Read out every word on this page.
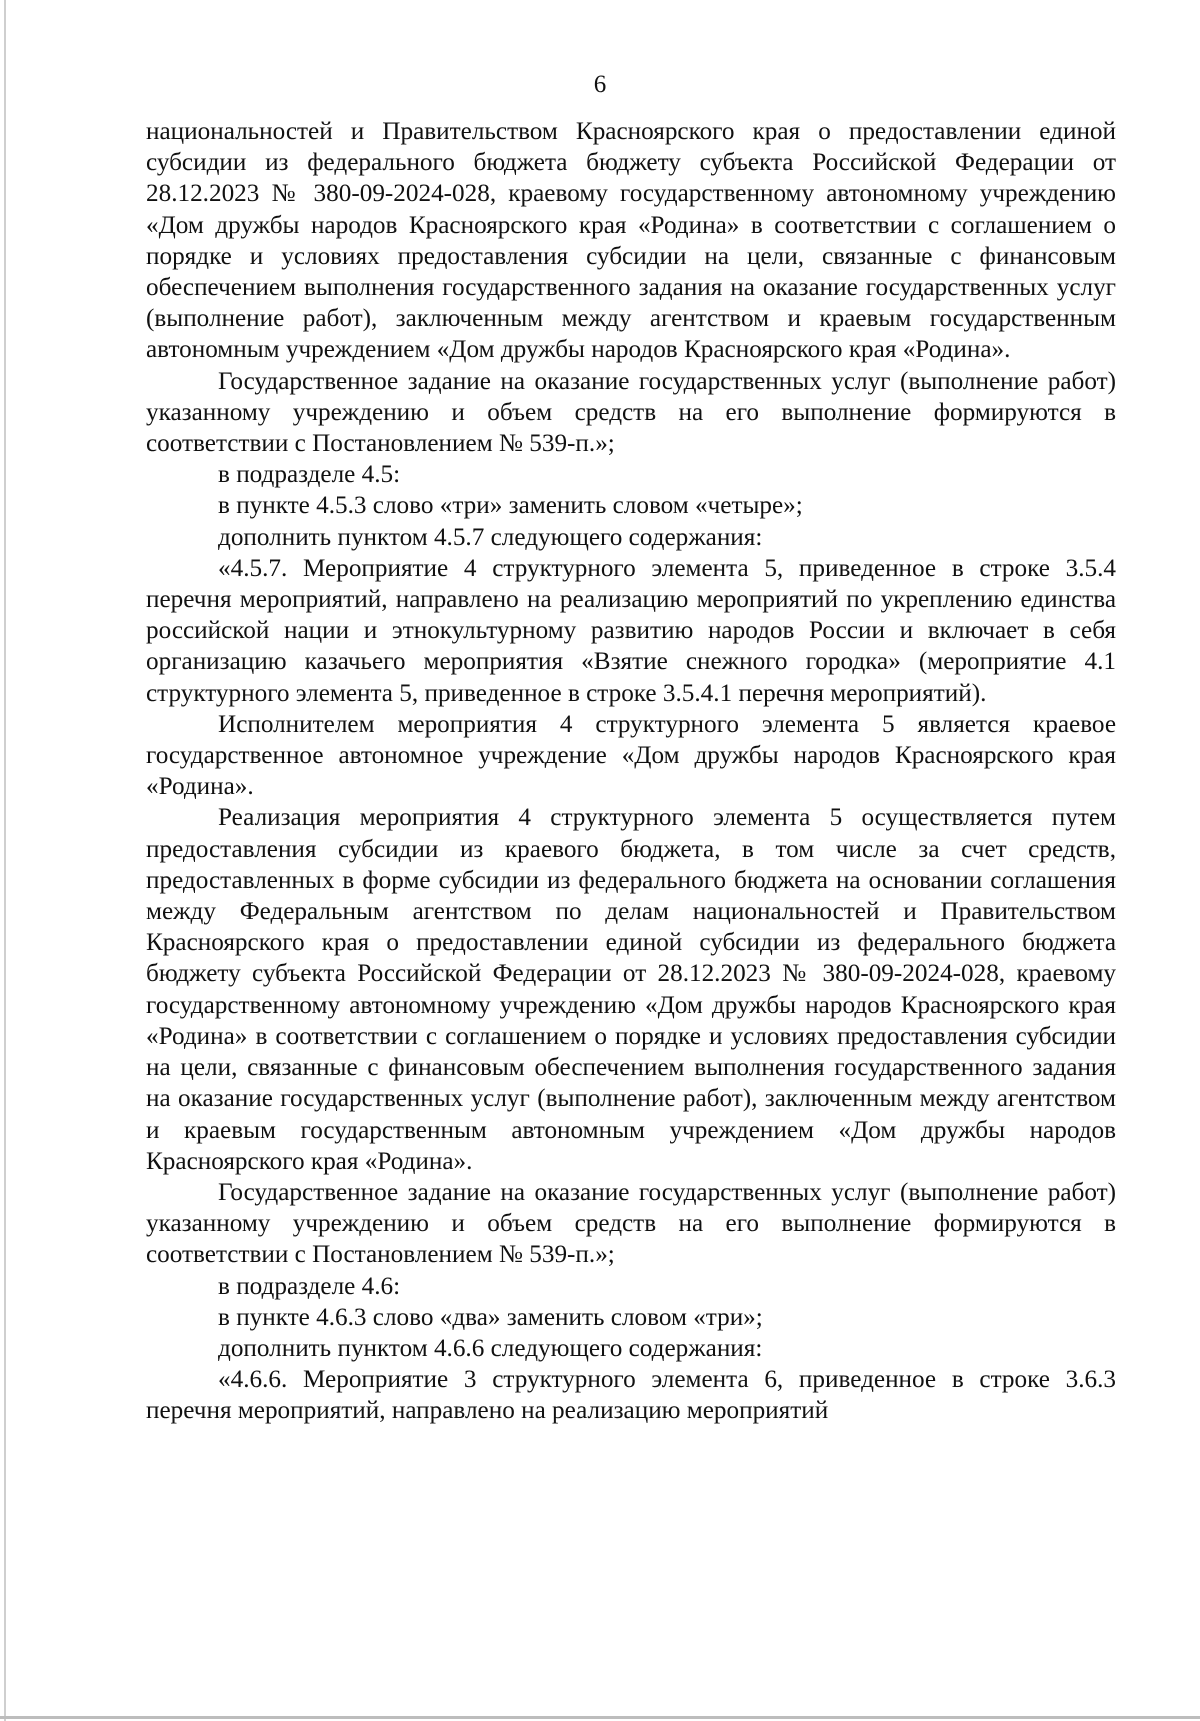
6

национальностей и Правительством Красноярского края о предоставлении единой субсидии из федерального бюджета бюджету субъекта Российской Федерации от 28.12.2023 № 380-09-2024-028, краевому государственному автономному учреждению «Дом дружбы народов Красноярского края «Родина» в соответствии с соглашением о порядке и условиях предоставления субсидии на цели, связанные с финансовым обеспечением выполнения государственного задания на оказание государственных услуг (выполнение работ), заключенным между агентством и краевым государственным автономным учреждением «Дом дружбы народов Красноярского края «Родина».

Государственное задание на оказание государственных услуг (выполнение работ) указанному учреждению и объем средств на его выполнение формируются в соответствии с Постановлением № 539-п.»;

в подразделе 4.5:

в пункте 4.5.3 слово «три» заменить словом «четыре»;

дополнить пунктом 4.5.7 следующего содержания:

«4.5.7. Мероприятие 4 структурного элемента 5, приведенное в строке 3.5.4 перечня мероприятий, направлено на реализацию мероприятий по укреплению единства российской нации и этнокультурному развитию народов России и включает в себя организацию казачьего мероприятия «Взятие снежного городка» (мероприятие 4.1 структурного элемента 5, приведенное в строке 3.5.4.1 перечня мероприятий).

Исполнителем мероприятия 4 структурного элемента 5 является краевое государственное автономное учреждение «Дом дружбы народов Красноярского края «Родина».

Реализация мероприятия 4 структурного элемента 5 осуществляется путем предоставления субсидии из краевого бюджета, в том числе за счет средств, предоставленных в форме субсидии из федерального бюджета на основании соглашения между Федеральным агентством по делам национальностей и Правительством Красноярского края о предоставлении единой субсидии из федерального бюджета бюджету субъекта Российской Федерации от 28.12.2023 № 380-09-2024-028, краевому государственному автономному учреждению «Дом дружбы народов Красноярского края «Родина» в соответствии с соглашением о порядке и условиях предоставления субсидии на цели, связанные с финансовым обеспечением выполнения государственного задания на оказание государственных услуг (выполнение работ), заключенным между агентством и краевым государственным автономным учреждением «Дом дружбы народов Красноярского края «Родина».

Государственное задание на оказание государственных услуг (выполнение работ) указанному учреждению и объем средств на его выполнение формируются в соответствии с Постановлением № 539-п.»;

в подразделе 4.6:

в пункте 4.6.3 слово «два» заменить словом «три»;

дополнить пунктом 4.6.6 следующего содержания:

«4.6.6. Мероприятие 3 структурного элемента 6, приведенное в строке 3.6.3 перечня мероприятий, направлено на реализацию мероприятий
